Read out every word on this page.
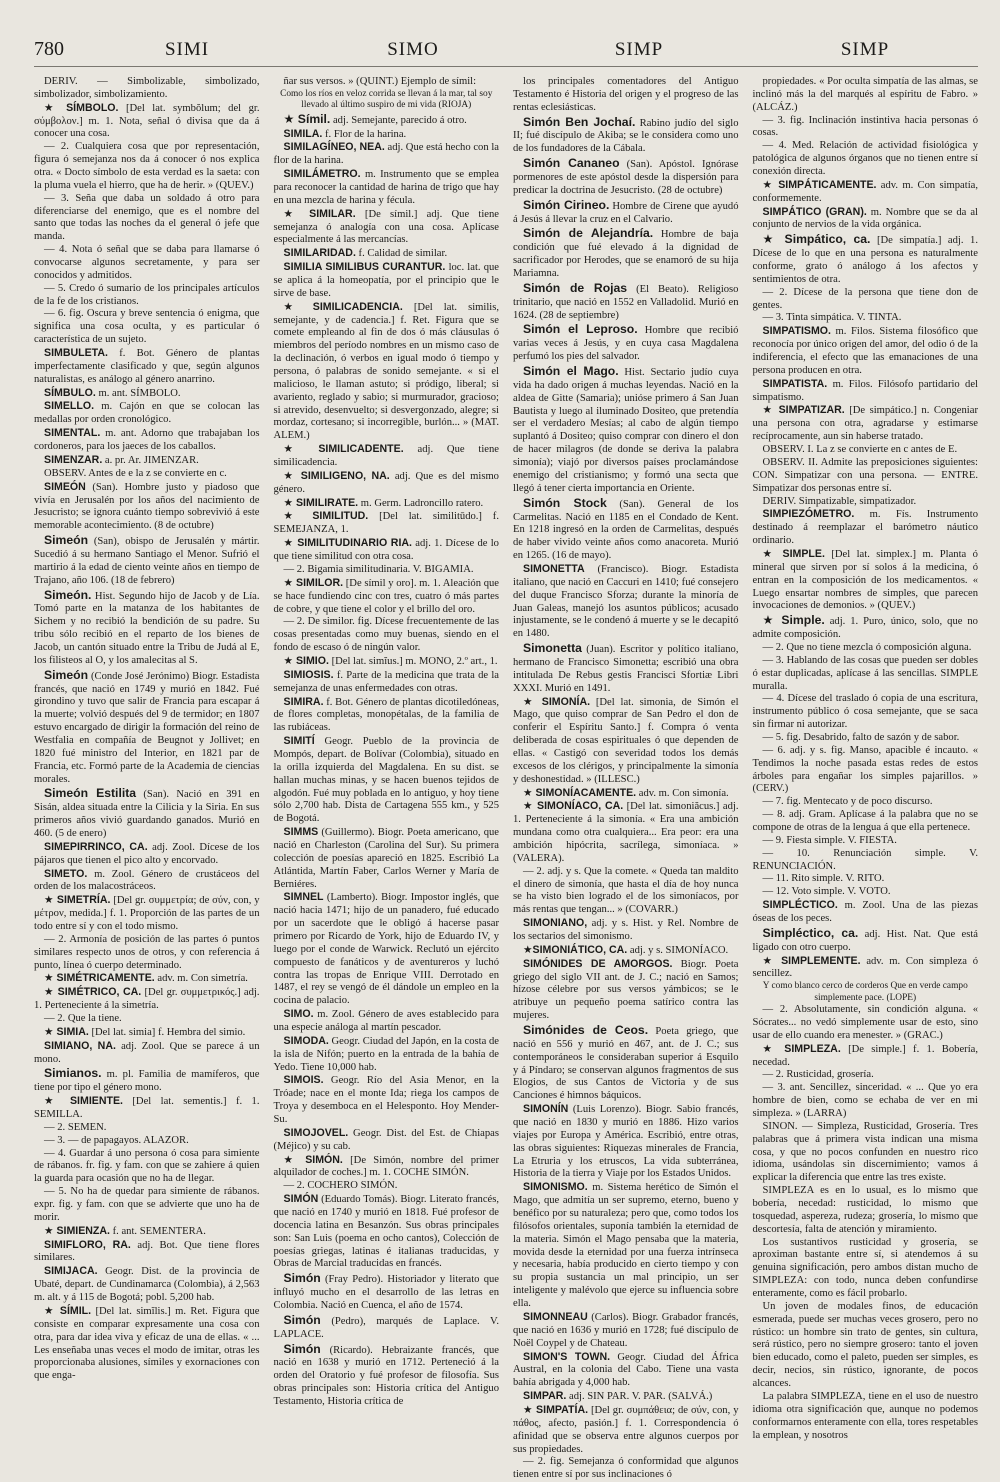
780	SIMI	SIMO	SIMP	SIMP

DERIV. — Simbolizable, simbolizado, simbolizador, simbolizamiento.

★ SÍMBOLO. [Del lat. symbŏlum; del gr. σύμβολον.] m. 1. Nota, señal ó divisa que da á conocer una cosa.

— 2. Cualquiera cosa que por representación, figura ó semejanza nos da á conocer ó nos explica otra. « Docto símbolo de esta verdad es la saeta: con la pluma vuela el hierro, que ha de herir. » (QUEV.)

— 3. Seña que daba un soldado á otro para diferenciarse del enemigo, que es el nombre del santo que todas las noches da el general ó jefe que manda.

— 4. Nota ó señal que se daba para llamarse ó convocarse algunos secretamente, y para ser conocidos y admitidos.

— 5. Credo ó sumario de los principales artículos de la fe de los cristianos.

— 6. fig. Oscura y breve sentencia ó enigma, que significa una cosa oculta, y es particular ó característica de un sujeto.

SIMBULETA. f. Bot. Género de plantas imperfectamente clasificado y que, según algunos naturalistas, es análogo al género anarrino.

SÍMBULO. m. ant. SÍMBOLO.

SIMELLO. m. Cajón en que se colocan las medallas por orden cronológico.

SIMENTAL. m. ant. Adorno que trabajaban los cordoneros, para los jaeces de los caballos.

SIMENZAR. a. pr. Ar. JIMENZAR.

OBSERV. Antes de e la z se convierte en c.

SIMEÓN (San). Hombre justo y piadoso que vivía en Jerusalén por los años del nacimiento de Jesucristo; se ignora cuánto tiempo sobrevivió á este memorable acontecimiento. (8 de octubre)

Simeón (San), obispo de Jerusalén y mártir. Sucedió á su hermano Santiago el Menor. Sufrió el martirio á la edad de ciento veinte años en tiempo de Trajano, año 106. (18 de febrero)

Simeón. Hist. Segundo hijo de Jacob y de Lía. Tomó parte en la matanza de los habitantes de Sichem y no recibió la bendición de su padre. Su tribu sólo recibió en el reparto de los bienes de Jacob, un cantón situado entre la Tribu de Judá al E, los filisteos al O, y los amalecitas al S.

Simeón (Conde José Jerónimo) Biogr. Estadista francés, que nació en 1749 y murió en 1842. Fué girondino y tuvo que salir de Francia para escapar á la muerte; volvió después del 9 de termidor; en 1807 estuvo encargado de dirigir la formación del reino de Westfalia en compañía de Beugnot y Jollivet; en 1820 fué ministro del Interior, en 1821 par de Francia, etc. Formó parte de la Academia de ciencias morales.

Simeón Estilita (San). Nació en 391 en Sisán, aldea situada entre la Cilicia y la Siria. En sus primeros años vivió guardando ganados. Murió en 460. (5 de enero)

SIMEPIRRINCO, CA. adj. Zool. Dícese de los pájaros que tienen el pico alto y encorvado.

SIMETO. m. Zool. Género de crustáceos del orden de los malacostráceos.

★ SIMETRÍA. [Del gr. συμμετρία; de σύν, con, y μέτρον, medida.] f. 1. Proporción de las partes de un todo entre sí y con el todo mismo.

— 2. Armonía de posición de las partes ó puntos similares respecto unos de otros, y con referencia á punto, línea ó cuerpo determinado.

★ SIMÉTRICAMENTE. adv. m. Con simetría.

★ SIMÉTRICO, CA. [Del gr. συμμετρικός.] adj. 1. Perteneciente á la simetría.

— 2. Que la tiene.

★ SIMIA. [Del lat. simia] f. Hembra del simio.

SIMIANO, NA. adj. Zool. Que se parece á un mono.

Simianos. m. pl. Familia de mamíferos, que tiene por tipo el género mono.

★ SIMIENTE. [Del lat. sementis.] f. 1. SEMILLA.

— 2. SEMEN.

— 3. — de papagayos. ALAZOR.

— 4. Guardar á uno persona ó cosa para simiente de rábanos. fr. fig. y fam. con que se zahiere á quien la guarda para ocasión que no ha de llegar.

— 5. No ha de quedar para simiente de rábanos. expr. fig. y fam. con que se advierte que uno ha de morir.

★ SIMIENZA. f. ant. SEMENTERA.

SIMIFLORO, RA. adj. Bot. Que tiene flores similares.

SIMIJACA. Geogr. Dist. de la provincia de Ubaté, depart. de Cundinamarca (Colombia), á 2,563 m. alt. y á 115 de Bogotá; pobl. 5,200 hab.

★ SÍMIL. [Del lat. simĭlis.] m. Ret. Figura que consiste en comparar expresamente una cosa con otra, para dar idea viva y eficaz de una de ellas. « ... Les enseñaba unas veces el modo de imitar, otras les proporcionaba alusiones, símiles y exornaciones con que enga-

ñar sus versos. » (QUINT.) Ejemplo de símil:

Como los ríos en veloz corrida se llevan á la mar, tal soy llevado al último suspiro de mi vida (RIOJA)

★ Símil. adj. Semejante, parecido á otro.

SIMILA. f. Flor de la harina.

SIMILAGÍNEO, NEA. adj. Que está hecho con la flor de la harina.

SIMILÁMETRO. m. Instrumento que se emplea para reconocer la cantidad de harina de trigo que hay en una mezcla de harina y fécula.

★ SIMILAR. [De símil.] adj. Que tiene semejanza ó analogía con una cosa. Aplícase especialmente á las mercancías.

SIMILARIDAD. f. Calidad de similar.

SIMILIA SIMILIBUS CURANTUR. loc. lat. que se aplica á la homeopatía, por el principio que le sirve de base.

★ SIMILICADENCIA. [Del lat. similis, semejante, y de cadencia.] f. Ret. Figura que se comete empleando al fin de dos ó más cláusulas ó miembros del período nombres en un mismo caso de la declinación, ó verbos en igual modo ó tiempo y persona, ó palabras de sonido semejante. « si el malicioso, le llaman astuto; si pródigo, liberal; si avariento, reglado y sabio; si murmurador, gracioso; si atrevido, desenvuelto; si desvergonzado, alegre; si mordaz, cortesano; si incorregible, burlón... » (MAT. ALEM.)

★ SIMILICADENTE. adj. Que tiene similicadencia.

★ SIMILIGENO, NA. adj. Que es del mismo género.

★ SIMILIRATE. m. Germ. Ladroncillo ratero.

★ SIMILITUD. [Del lat. similitūdo.] f. SEMEJANZA, 1.

★ SIMILITUDINARIO RIA. adj. 1. Dícese de lo que tiene similitud con otra cosa.

— 2. Bigamia similitudinaria. V. BIGAMIA.

★ SIMILOR. [De símil y oro]. m. 1. Aleación que se hace fundiendo cinc con tres, cuatro ó más partes de cobre, y que tiene el color y el brillo del oro.

— 2. De similor. fig. Dícese frecuentemente de las cosas presentadas como muy buenas, siendo en el fondo de escaso ó de ningún valor.

★ SIMIO. [Del lat. simĭus.] m. MONO, 2.º art., 1.

SIMIOSIS. f. Parte de la medicina que trata de la semejanza de unas enfermedades con otras.

SIMIRA. f. Bot. Género de plantas dicotiledóneas, de flores completas, monopétalas, de la familia de las rubiáceas.

SIMITÍ Geogr. Pueblo de la provincia de Mompós, depart. de Bolívar (Colombia), situado en la orilla izquierda del Magdalena. En su dist. se hallan muchas minas, y se hacen buenos tejidos de algodón. Fué muy poblada en lo antiguo, y hoy tiene sólo 2,700 hab. Dista de Cartagena 555 km., y 525 de Bogotá.

SIMMS (Guillermo). Biogr. Poeta americano, que nació en Charleston (Carolina del Sur). Su primera colección de poesías apareció en 1825. Escribió La Atlántida, Martín Faber, Carlos Werner y María de Berniéres.

SIMNEL (Lamberto). Biogr. Impostor inglés, que nació hacia 1471; hijo de un panadero, fué educado por un sacerdote que le obligó á hacerse pasar primero por Ricardo de York, hijo de Eduardo IV, y luego por el conde de Warwick. Reclutó un ejército compuesto de fanáticos y de aventureros y luchó contra las tropas de Enrique VIII. Derrotado en 1487, el rey se vengó de él dándole un empleo en la cocina de palacio.

SIMO. m. Zool. Género de aves establecido para una especie análoga al martín pescador.

SIMODA. Geogr. Ciudad del Japón, en la costa de la isla de Nifón; puerto en la entrada de la bahía de Yedo. Tiene 10,000 hab.

SIMOIS. Geogr. Río del Asia Menor, en la Tróade; nace en el monte Ida; riega los campos de Troya y desemboca en el Helesponto. Hoy Mender-Su.

SIMOJOVEL. Geogr. Dist. del Est. de Chiapas (Méjico) y su cab.

★ SIMÓN. [De Simón, nombre del primer alquilador de coches.] m. 1. COCHE SIMÓN.

— 2. COCHERO SIMÓN.

SIMÓN (Eduardo Tomás). Biogr. Literato francés, que nació en 1740 y murió en 1818. Fué profesor de docencia latina en Besanzón. Sus obras principales son: San Luis (poema en ocho cantos), Colección de poesías griegas, latinas é italianas traducidas, y Obras de Marcial traducidas en francés.

Simón (Fray Pedro). Historiador y literato que influyó mucho en el desarrollo de las letras en Colombia. Nació en Cuenca, el año de 1574.

Simón (Pedro), marqués de Laplace. V. LAPLACE.

Simón (Ricardo). Hebraizante francés, que nació en 1638 y murió en 1712. Perteneció á la orden del Oratorio y fué profesor de filosofía. Sus obras principales son: Historia crítica del Antiguo Testamento, Historia crítica de

los principales comentadores del Antiguo Testamento é Historia del origen y el progreso de las rentas eclesiásticas.

Simón Ben Jochaí. Rabino judío del siglo II; fué discípulo de Akiba; se le considera como uno de los fundadores de la Cábala.

Simón Cananeo (San). Apóstol. Ignórase pormenores de este apóstol desde la dispersión para predicar la doctrina de Jesucristo. (28 de octubre)

Simón Cirineo. Hombre de Cirene que ayudó á Jesús á llevar la cruz en el Calvario.

Simón de Alejandría. Hombre de baja condición que fué elevado á la dignidad de sacrificador por Herodes, que se enamoró de su hija Mariamna.

Simón de Rojas (El Beato). Religioso trinitario, que nació en 1552 en Valladolid. Murió en 1624. (28 de septiembre)

Simón el Leproso. Hombre que recibió varias veces á Jesús, y en cuya casa Magdalena perfumó los pies del salvador.

Simón el Mago. Hist. Sectario judío cuya vida ha dado origen á muchas leyendas. Nació en la aldea de Gitte (Samaria); unióse primero á San Juan Bautista y luego al iluminado Dositeo, que pretendía ser el verdadero Mesías; al cabo de algún tiempo suplantó á Dositeo; quiso comprar con dinero el don de hacer milagros (de donde se deriva la palabra simonía); viajó por diversos países proclamándose enemigo del cristianismo; y formó una secta que llegó á tener cierta importancia en Oriente.

Simón Stock (San). General de los Carmelitas. Nació en 1185 en el Condado de Kent. En 1218 ingresó en la orden de Carmelitas, después de haber vivido veinte años como anacoreta. Murió en 1265. (16 de mayo).

SIMONETTA (Francisco). Biogr. Estadista italiano, que nació en Caccuri en 1410; fué consejero del duque Francisco Sforza; durante la minoría de Juan Galeas, manejó los asuntos públicos; acusado injustamente, se le condenó á muerte y se le decapitó en 1480.

Simonetta (Juan). Escritor y político italiano, hermano de Francisco Simonetta; escribió una obra intitulada De Rebus gestis Francisci Sfortiæ Libri XXXI. Murió en 1491.

★ SIMONÍA. [Del lat. simonia, de Simón el Mago, que quiso comprar de San Pedro el don de conferir el Espíritu Santo.] f. Compra ó venta deliberada de cosas espirituales ó que dependen de ellas. « Castigó con severidad todos los demás excesos de los clérigos, y principalmente la simonía y deshonestidad. » (ILLESC.)

★ SIMONÍACAMENTE. adv. m. Con simonía.

★ SIMONÍACO, CA. [Del lat. simoniăcus.] adj. 1. Perteneciente á la simonía. « Era una ambición mundana como otra cualquiera... Era peor: era una ambición hipócrita, sacrílega, simoníaca. » (VALERA).

— 2. adj. y s. Que la comete. « Queda tan maldito el dinero de simonía, que hasta el día de hoy nunca se ha visto bien logrado el de los simoníacos, por más rentas que tengan... » (COVARR.)

SIMONIANO, adj. y s. Hist. y Rel. Nombre de los sectarios del simonismo.

★SIMONIÁTICO, CA. adj. y s. SIMONÍACO.

SIMÓNIDES DE AMORGOS. Biogr. Poeta griego del siglo VII ant. de J. C.; nació en Samos; hízose célebre por sus versos yámbicos; se le atribuye un pequeño poema satírico contra las mujeres.

Simónides de Ceos. Poeta griego, que nació en 556 y murió en 467, ant. de J. C.; sus contemporáneos le consideraban superior á Esquilo y á Píndaro; se conservan algunos fragmentos de sus Elogios, de sus Cantos de Victoria y de sus Canciones é himnos báquicos.

SIMONÍN (Luis Lorenzo). Biogr. Sabio francés, que nació en 1830 y murió en 1886. Hizo varios viajes por Europa y América. Escribió, entre otras, las obras siguientes: Riquezas minerales de Francia, La Etruria y los etruscos, La vida subterránea, Historia de la tierra y Viaje por los Estados Unidos.

SIMONISMO. m. Sistema herético de Simón el Mago, que admitía un ser supremo, eterno, bueno y benéfico por su naturaleza; pero que, como todos los filósofos orientales, suponía también la eternidad de la materia. Simón el Mago pensaba que la materia, movida desde la eternidad por una fuerza intrínseca y necesaria, había producido en cierto tiempo y con su propia sustancia un mal principio, un ser inteligente y malévolo que ejerce su influencia sobre ella.

SIMONNEAU (Carlos). Biogr. Grabador francés, que nació en 1636 y murió en 1728; fué discípulo de Noël Coypel y de Chateau.

SIMON'S TOWN. Geogr. Ciudad del África Austral, en la colonia del Cabo. Tiene una vasta bahía abrigada y 4,000 hab.

SIMPAR. adj. SIN PAR. V. PAR. (SALVÁ.)

★ SIMPATÍA. [Del gr. συμπάθεια; de σύν, con, y πάθος, afecto, pasión.] f. 1. Correspondencia ó afinidad que se observa entre algunos cuerpos por sus propiedades.

— 2. fig. Semejanza ó conformidad que algunos tienen entre sí por sus inclinaciones ó

propiedades. « Por oculta simpatía de las almas, se inclinó más la del marqués al espíritu de Fabro. » (ALCÁZ.)

— 3. fig. Inclinación instintiva hacia personas ó cosas.

— 4. Med. Relación de actividad fisiológica y patológica de algunos órganos que no tienen entre sí conexión directa.

★ SIMPÁTICAMENTE. adv. m. Con simpatía, conformemente.

SIMPÁTICO (GRAN). m. Nombre que se da al conjunto de nervios de la vida orgánica.

★ Simpático, ca. [De simpatía.] adj. 1. Dícese de lo que en una persona es naturalmente conforme, grato ó análogo á los afectos y sentimientos de otra.

— 2. Dícese de la persona que tiene don de gentes.

— 3. Tinta simpática. V. TINTA.

SIMPATISMO. m. Filos. Sistema filosófico que reconocía por único origen del amor, del odio ó de la indiferencia, el efecto que las emanaciones de una persona producen en otra.

SIMPATISTA. m. Filos. Filósofo partidario del simpatismo.

★ SIMPATIZAR. [De simpático.] n. Congeniar una persona con otra, agradarse y estimarse recíprocamente, aun sin haberse tratado.

OBSERV. I. La z se convierte en c antes de E.

OBSERV. II. Admite las preposiciones siguientes: CON. Simpatizar con una persona. — ENTRE. Simpatizar dos personas entre sí.

DERIV. Simpatizable, simpatizador.

SIMPIEZÓMETRO. m. Fís. Instrumento destinado á reemplazar el barómetro náutico ordinario.

★ SIMPLE. [Del lat. simplex.] m. Planta ó mineral que sirven por sí solos á la medicina, ó entran en la composición de los medicamentos. « Luego ensartar nombres de simples, que parecen invocaciones de demonios. » (QUEV.)

★ Simple. adj. 1. Puro, único, solo, que no admite composición.

— 2. Que no tiene mezcla ó composición alguna.

— 3. Hablando de las cosas que pueden ser dobles ó estar duplicadas, aplícase á las sencillas. SIMPLE muralla.

— 4. Dícese del traslado ó copia de una escritura, instrumento público ó cosa semejante, que se saca sin firmar ni autorizar.

— 5. fig. Desabrido, falto de sazón y de sabor.

— 6. adj. y s. fig. Manso, apacible é incauto. « Tendimos la noche pasada estas redes de estos árboles para engañar los simples pajarillos. » (CERV.)

— 7. fig. Mentecato y de poco discurso.

— 8. adj. Gram. Aplícase á la palabra que no se compone de otras de la lengua á que ella pertenece.

— 9. Fiesta simple. V. FIESTA.

— 10. Renunciación simple. V. RENUNCIACIÓN.

— 11. Rito simple. V. RITO.

— 12. Voto simple. V. VOTO.

SIMPLÉCTICO. m. Zool. Una de las piezas óseas de los peces.

Simpléctico, ca. adj. Hist. Nat. Que está ligado con otro cuerpo.

★ SIMPLEMENTE. adv. m. Con simpleza ó sencillez.

Y como blanco cerco de corderos Que en verde campo simplemente pace. (LOPE)

— 2. Absolutamente, sin condición alguna. « Sócrates... no vedó simplemente usar de esto, sino usar de ello cuando era menester. » (GRAC.)

★ SIMPLEZA. [De simple.] f. 1. Bobería, necedad.

— 2. Rusticidad, grosería.

— 3. ant. Sencillez, sinceridad. « ... Que yo era hombre de bien, como se echaba de ver en mi simpleza. » (LARRA)

SINON. — Simpleza, Rusticidad, Grosería. Tres palabras que á primera vista indican una misma cosa, y que no pocos confunden en nuestro rico idioma, usándolas sin discernimiento; vamos á explicar la diferencia que entre las tres existe.

SIMPLEZA es en lo usual, es lo mismo que bobería, necedad: rusticidad, lo mismo que tosquedad, aspereza, rudeza; grosería, lo mismo que descortesía, falta de atención y miramiento.

Los sustantivos rusticidad y grosería, se aproximan bastante entre sí, si atendemos á su genuina significación, pero ambos distan mucho de SIMPLEZA: con todo, nunca deben confundirse enteramente, como es fácil probarlo.

Un joven de modales finos, de educación esmerada, puede ser muchas veces grosero, pero no rústico: un hombre sin trato de gentes, sin cultura, será rústico, pero no siempre grosero: tanto el joven bien educado, como el paleto, pueden ser simples, es decir, necios, sin rústico, ignorante, de pocos alcances.

La palabra SIMPLEZA, tiene en el uso de nuestro idioma otra significación que, aunque no podemos conformarnos enteramente con ella, tores respetables la emplean, y nosotros
